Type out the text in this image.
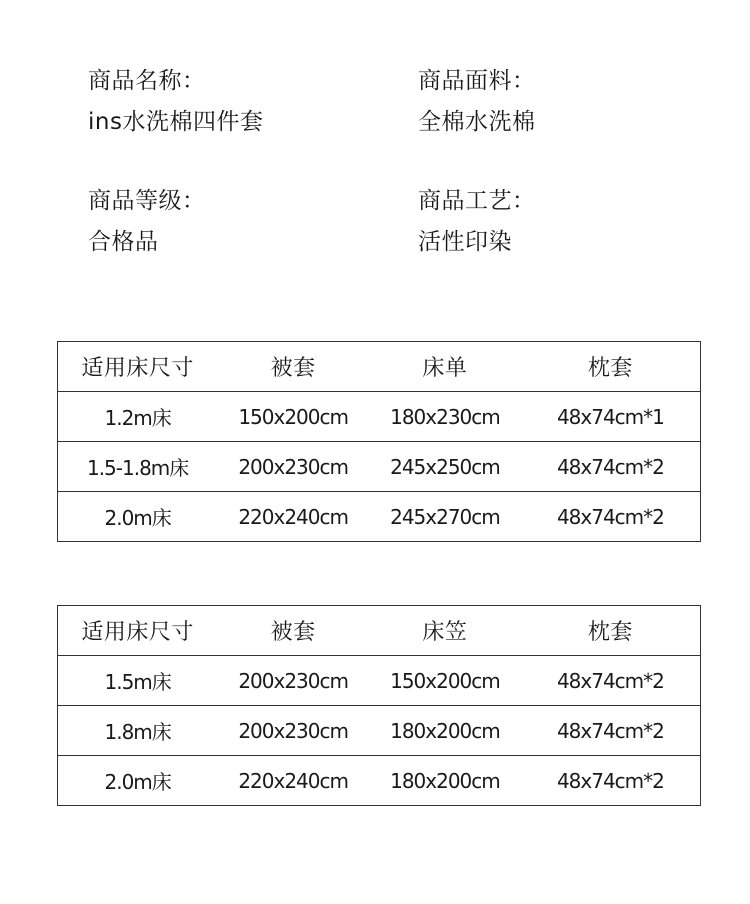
商品名称：
ins水洗棉四件套
商品面料：
全棉水洗棉
商品等级：
合格品
商品工艺：
活性印染
适用床尺寸	被套	床单	枕套
1.2m床	150x200cm	180x230cm	48x74cm*1
1.5-1.8m床	200x230cm	245x250cm	48x74cm*2
2.0m床	220x240cm	245x270cm	48x74cm*2
适用床尺寸	被套	床笠	枕套
1.5m床	200x230cm	150x200cm	48x74cm*2
1.8m床	200x230cm	180x200cm	48x74cm*2
2.0m床	220x240cm	180x200cm	48x74cm*2
